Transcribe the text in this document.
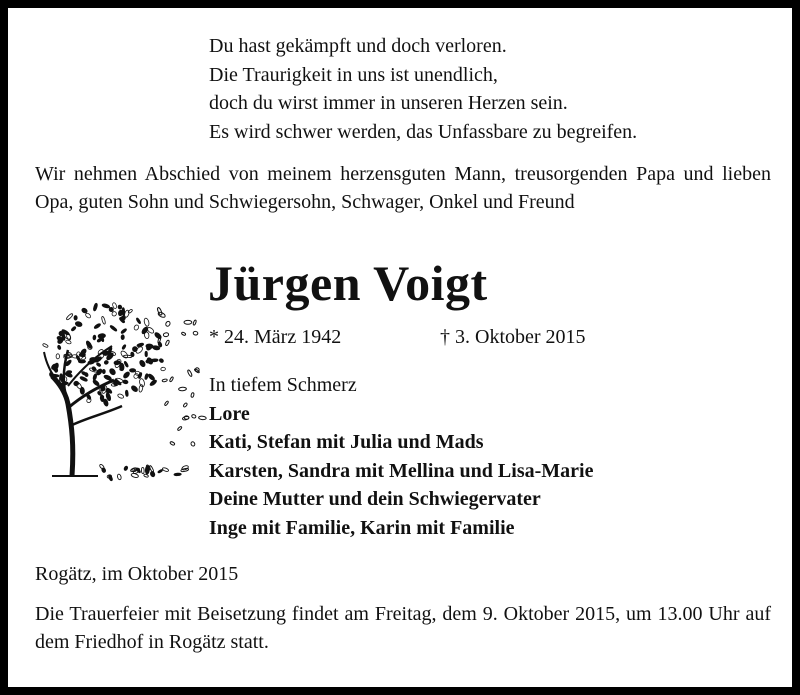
Du hast gekämpft und doch verloren.
Die Traurigkeit in uns ist unendlich,
doch du wirst immer in unseren Herzen sein.
Es wird schwer werden, das Unfassbare zu begreifen.
Wir nehmen Abschied von meinem herzensguten Mann, treusorgenden Papa und lieben Opa, guten Sohn und Schwiegersohn, Schwager, Onkel und Freund
Jürgen Voigt
* 24. März 1942	† 3. Oktober 2015
In tiefem Schmerz
Lore
Kati, Stefan mit Julia und Mads
Karsten, Sandra mit Mellina und Lisa-Marie
Deine Mutter und dein Schwiegervater
Inge mit Familie, Karin mit Familie
Rogätz, im Oktober 2015
Die Trauerfeier mit Beisetzung findet am Freitag, dem 9. Oktober 2015, um 13.00 Uhr auf dem Friedhof in Rogätz statt.
